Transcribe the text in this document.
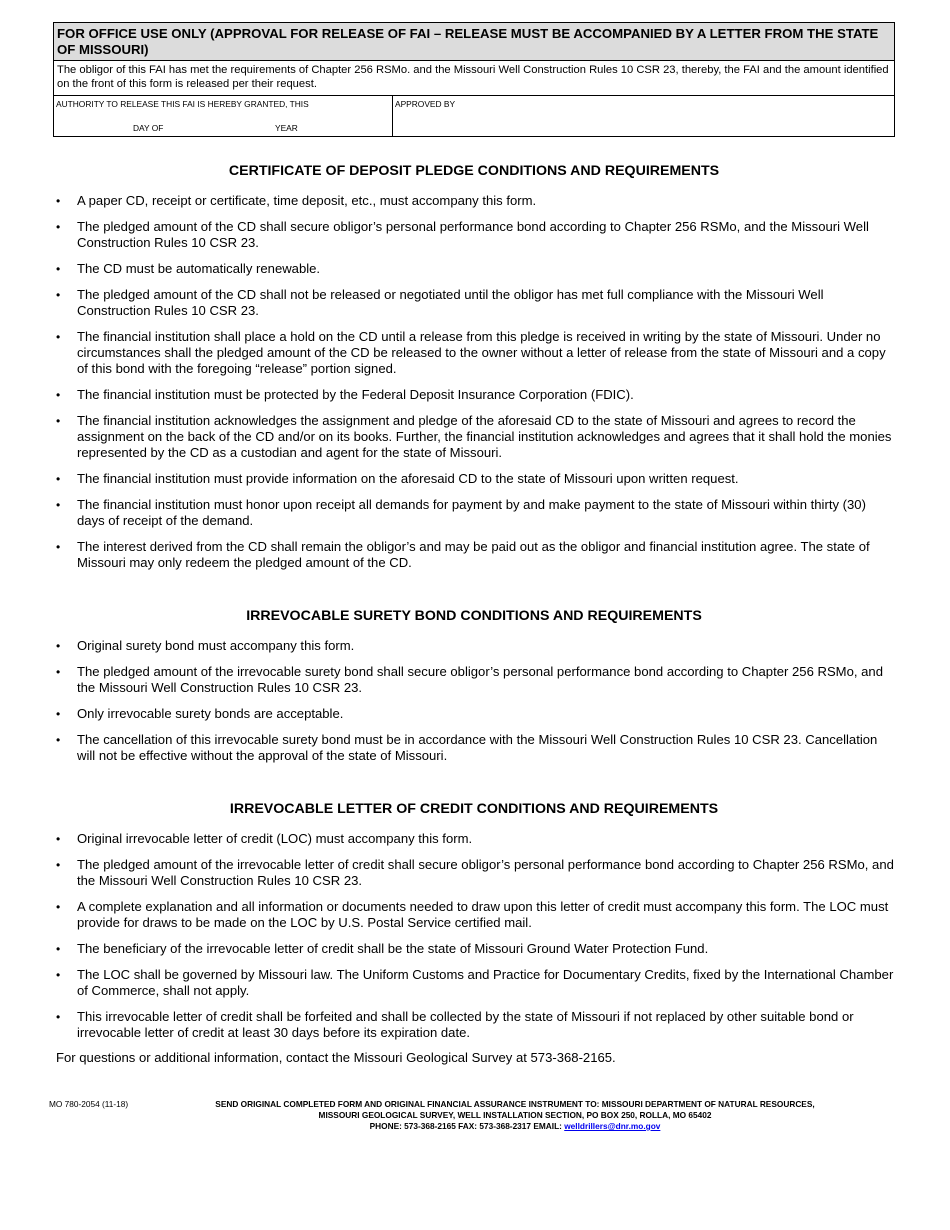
FOR OFFICE USE ONLY (APPROVAL FOR RELEASE OF FAI – RELEASE MUST BE ACCOMPANIED BY A LETTER FROM THE STATE OF MISSOURI)
The obligor of this FAI has met the requirements of Chapter 256 RSMo. and the Missouri Well Construction Rules 10 CSR 23, thereby, the FAI and the amount identified on the front of this form is released per their request.
AUTHORITY TO RELEASE THIS FAI IS HEREBY GRANTED, THIS
DAY OF	YEAR
APPROVED BY
CERTIFICATE OF DEPOSIT PLEDGE CONDITIONS AND REQUIREMENTS
• A paper CD, receipt or certificate, time deposit, etc., must accompany this form.
• The pledged amount of the CD shall secure obligor’s personal performance bond according to Chapter 256 RSMo, and the Missouri Well Construction Rules 10 CSR 23.
• The CD must be automatically renewable.
• The pledged amount of the CD shall not be released or negotiated until the obligor has met full compliance with the Missouri Well Construction Rules 10 CSR 23.
• The financial institution shall place a hold on the CD until a release from this pledge is received in writing by the state of Missouri. Under no circumstances shall the pledged amount of the CD be released to the owner without a letter of release from the state of Missouri and a copy of this bond with the foregoing “release” portion signed.
• The financial institution must be protected by the Federal Deposit Insurance Corporation (FDIC).
• The financial institution acknowledges the assignment and pledge of the aforesaid CD to the state of Missouri and agrees to record the assignment on the back of the CD and/or on its books. Further, the financial institution acknowledges and agrees that it shall hold the monies represented by the CD as a custodian and agent for the state of Missouri.
• The financial institution must provide information on the aforesaid CD to the state of Missouri upon written request.
• The financial institution must honor upon receipt all demands for payment by and make payment to the state of Missouri within thirty (30) days of receipt of the demand.
• The interest derived from the CD shall remain the obligor’s and may be paid out as the obligor and financial institution agree. The state of Missouri may only redeem the pledged amount of the CD.
IRREVOCABLE SURETY BOND CONDITIONS AND REQUIREMENTS
• Original surety bond must accompany this form.
• The pledged amount of the irrevocable surety bond shall secure obligor’s personal performance bond according to Chapter 256 RSMo, and the Missouri Well Construction Rules 10 CSR 23.
• Only irrevocable surety bonds are acceptable.
• The cancellation of this irrevocable surety bond must be in accordance with the Missouri Well Construction Rules 10 CSR 23. Cancellation will not be effective without the approval of the state of Missouri.
IRREVOCABLE LETTER OF CREDIT CONDITIONS AND REQUIREMENTS
• Original irrevocable letter of credit (LOC) must accompany this form.
• The pledged amount of the irrevocable letter of credit shall secure obligor’s personal performance bond according to Chapter 256 RSMo, and the Missouri Well Construction Rules 10 CSR 23.
• A complete explanation and all information or documents needed to draw upon this letter of credit must accompany this form. The LOC must provide for draws to be made on the LOC by U.S. Postal Service certified mail.
• The beneficiary of the irrevocable letter of credit shall be the state of Missouri Ground Water Protection Fund.
• The LOC shall be governed by Missouri law. The Uniform Customs and Practice for Documentary Credits, fixed by the International Chamber of Commerce, shall not apply.
• This irrevocable letter of credit shall be forfeited and shall be collected by the state of Missouri if not replaced by other suitable bond or irrevocable letter of credit at least 30 days before its expiration date.
For questions or additional information, contact the Missouri Geological Survey at 573-368-2165.
MO 780-2054 (11-18)	SEND ORIGINAL COMPLETED FORM AND ORIGINAL FINANCIAL ASSURANCE INSTRUMENT TO: MISSOURI DEPARTMENT OF NATURAL RESOURCES,
MISSOURI GEOLOGICAL SURVEY, WELL INSTALLATION SECTION, PO BOX 250, ROLLA, MO 65402
PHONE: 573-368-2165 FAX: 573-368-2317 EMAIL: welldrillers@dnr.mo.gov
